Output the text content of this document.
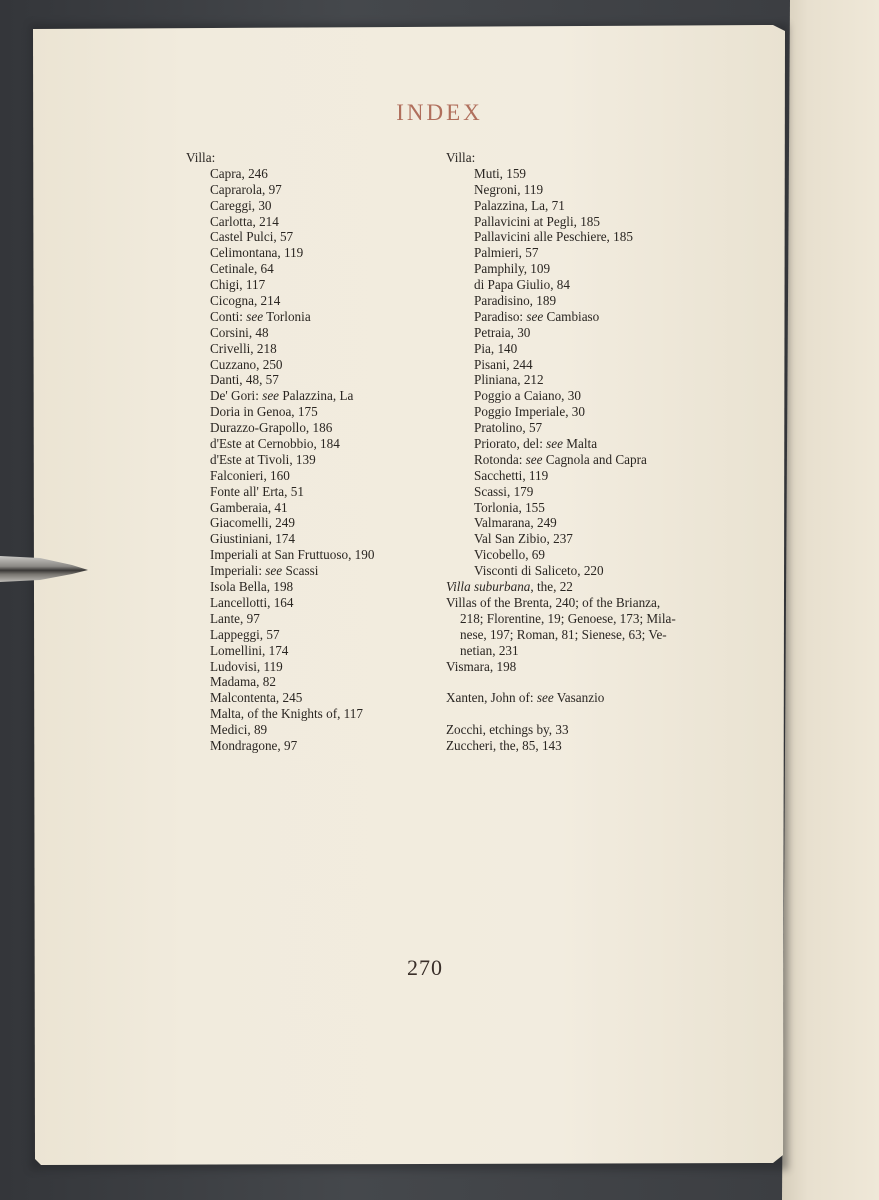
INDEX
Villa:
Capra, 246
Caprarola, 97
Careggi, 30
Carlotta, 214
Castel Pulci, 57
Celimontana, 119
Cetinale, 64
Chigi, 117
Cicogna, 214
Conti: see Torlonia
Corsini, 48
Crivelli, 218
Cuzzano, 250
Danti, 48, 57
De' Gori: see Palazzina, La
Doria in Genoa, 175
Durazzo-Grapollo, 186
d'Este at Cernobbio, 184
d'Este at Tivoli, 139
Falconieri, 160
Fonte all' Erta, 51
Gamberaia, 41
Giacomelli, 249
Giustiniani, 174
Imperiali at San Fruttuoso, 190
Imperiali: see Scassi
Isola Bella, 198
Lancellotti, 164
Lante, 97
Lappeggi, 57
Lomellini, 174
Ludovisi, 119
Madama, 82
Malcontenta, 245
Malta, of the Knights of, 117
Medici, 89
Mondragone, 97
Villa:
Muti, 159
Negroni, 119
Palazzina, La, 71
Pallavicini at Pegli, 185
Pallavicini alle Peschiere, 185
Palmieri, 57
Pamphily, 109
di Papa Giulio, 84
Paradisino, 189
Paradiso: see Cambiaso
Petraia, 30
Pia, 140
Pisani, 244
Pliniana, 212
Poggio a Caiano, 30
Poggio Imperiale, 30
Pratolino, 57
Priorato, del: see Malta
Rotonda: see Cagnola and Capra
Sacchetti, 119
Scassi, 179
Torlonia, 155
Valmarana, 249
Val San Zibio, 237
Vicobello, 69
Visconti di Saliceto, 220
Villa suburbana, the, 22
Villas of the Brenta, 240; of the Brianza,
218; Florentine, 19; Genoese, 173; Mila-
nese, 197; Roman, 81; Sienese, 63; Ve-
netian, 231
Vismara, 198
Xanten, John of: see Vasanzio
Zocchi, etchings by, 33
Zuccheri, the, 85, 143
270
